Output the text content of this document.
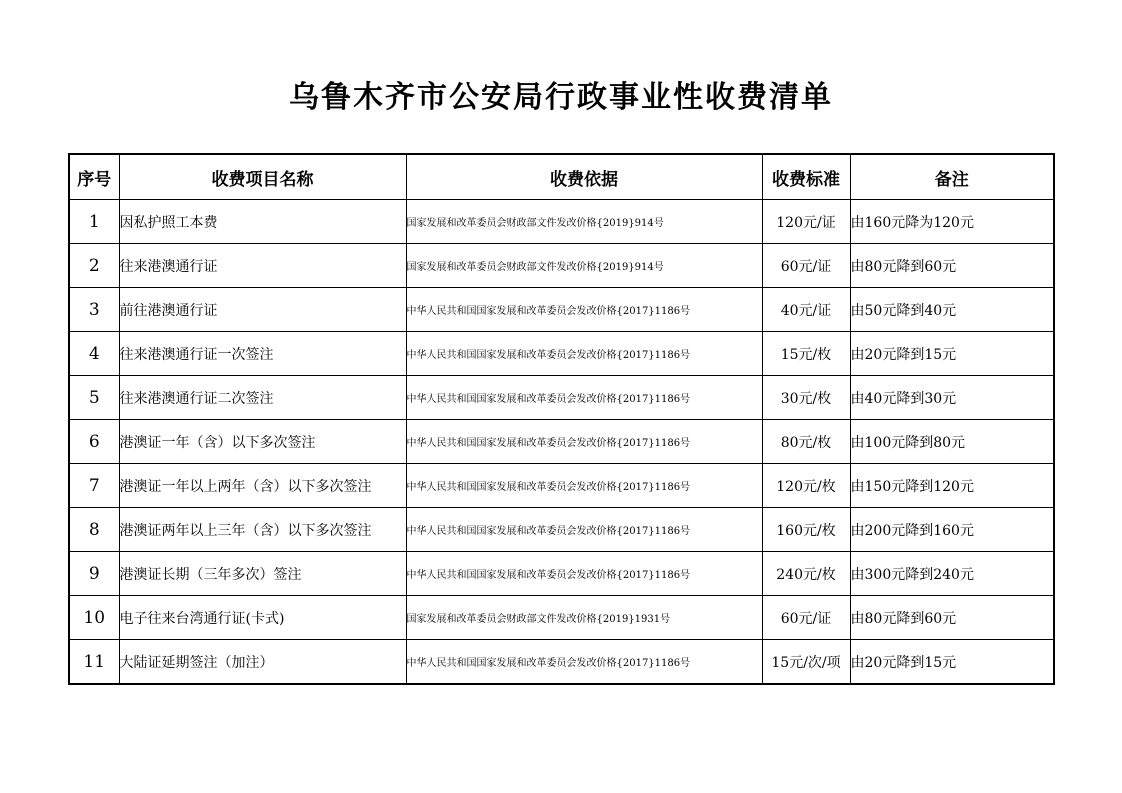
乌鲁木齐市公安局行政事业性收费清单
序号	收费项目名称	收费依据	收费标准	备注
1	因私护照工本费	国家发展和改革委员会财政部文件发改价格{2019}914号	120元/证	由160元降为120元
2	往来港澳通行证	国家发展和改革委员会财政部文件发改价格{2019}914号	60元/证	由80元降到60元
3	前往港澳通行证	中华人民共和国国家发展和改革委员会发改价格{2017}1186号	40元/证	由50元降到40元
4	往来港澳通行证一次签注	中华人民共和国国家发展和改革委员会发改价格{2017}1186号	15元/枚	由20元降到15元
5	往来港澳通行证二次签注	中华人民共和国国家发展和改革委员会发改价格{2017}1186号	30元/枚	由40元降到30元
6	港澳证一年（含）以下多次签注	中华人民共和国国家发展和改革委员会发改价格{2017}1186号	80元/枚	由100元降到80元
7	港澳证一年以上两年（含）以下多次签注	中华人民共和国国家发展和改革委员会发改价格{2017}1186号	120元/枚	由150元降到120元
8	港澳证两年以上三年（含）以下多次签注	中华人民共和国国家发展和改革委员会发改价格{2017}1186号	160元/枚	由200元降到160元
9	港澳证长期（三年多次）签注	中华人民共和国国家发展和改革委员会发改价格{2017}1186号	240元/枚	由300元降到240元
10	电子往来台湾通行证(卡式)	国家发展和改革委员会财政部文件发改价格{2019}1931号	60元/证	由80元降到60元
11	大陆证延期签注（加注）	中华人民共和国国家发展和改革委员会发改价格{2017}1186号	15元/次/项	由20元降到15元
